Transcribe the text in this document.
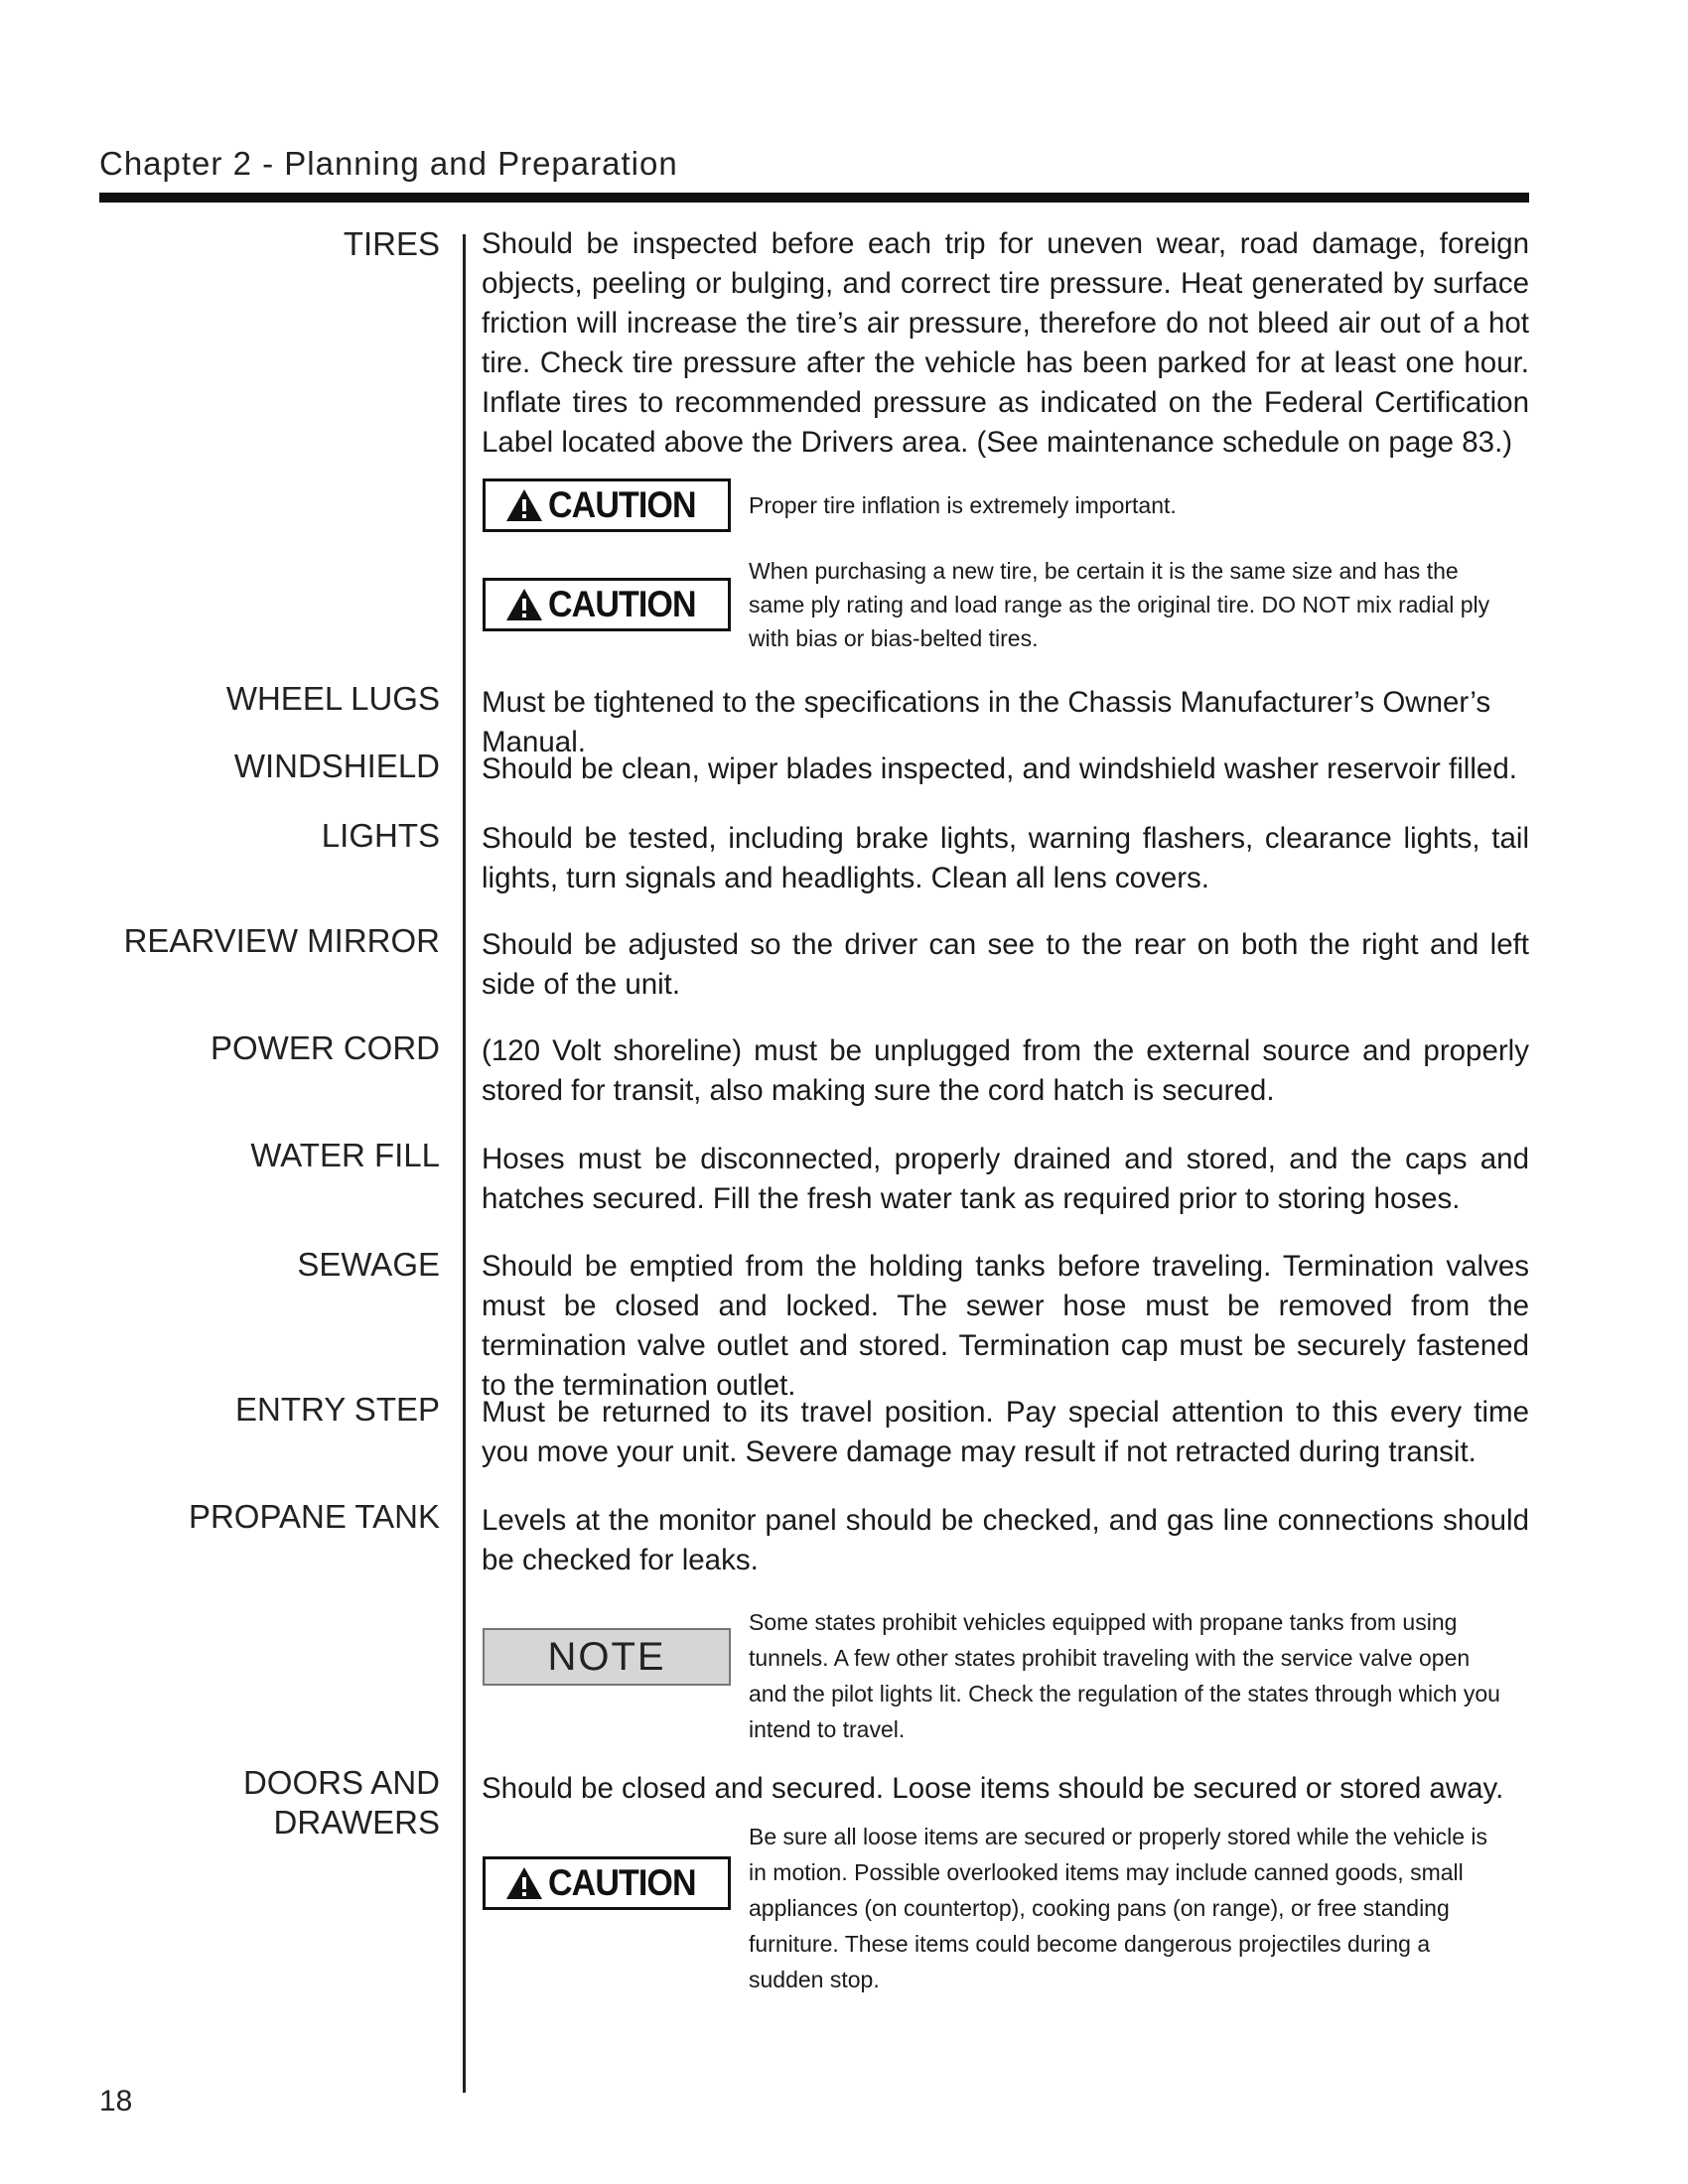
Chapter 2 - Planning and Preparation
TIRES Should be inspected before each trip for uneven wear, road damage, foreign objects, peeling or bulging, and correct tire pressure. Heat generated by surface friction will increase the tire’s air pressure, therefore do not bleed air out of a hot tire. Check tire pressure after the vehicle has been parked for at least one hour. Inflate tires to recommended pressure as indicated on the Federal Certification Label located above the Drivers area. (See maintenance schedule on page 83.)
CAUTION Proper tire inflation is extremely important.
CAUTION
When purchasing a new tire, be certain it is the same size and has the same ply rating and load range as the original tire. DO NOT mix radial ply with bias or bias-belted tires.
WHEEL LUGS Must be tightened to the specifications in the Chassis Manufacturer’s Owner’s Manual.
WINDSHIELD Should be clean, wiper blades inspected, and windshield washer reservoir filled.
LIGHTS Should be tested, including brake lights, warning flashers, clearance lights, tail lights, turn signals and headlights. Clean all lens covers.
REARVIEW MIRROR Should be adjusted so the driver can see to the rear on both the right and left side of the unit.
POWER CORD (120 Volt shoreline) must be unplugged from the external source and properly stored for transit, also making sure the cord hatch is secured.
WATER FILL Hoses must be disconnected, properly drained and stored, and the caps and hatches secured. Fill the fresh water tank as required prior to storing hoses.
SEWAGE Should be emptied from the holding tanks before traveling. Termination valves must be closed and locked. The sewer hose must be removed from the termination valve outlet and stored. Termination cap must be securely fastened to the termination outlet.
ENTRY STEP Must be returned to its travel position. Pay special attention to this every time you move your unit. Severe damage may result if not retracted during transit.
PROPANE TANK Levels at the monitor panel should be checked, and gas line connections should be checked for leaks.
NOTE
Some states prohibit vehicles equipped with propane tanks from using tunnels. A few other states prohibit traveling with the service valve open and the pilot lights lit. Check the regulation of the states through which you intend to travel.
DOORS AND
DRAWERS
Should be closed and secured. Loose items should be secured or stored away.
CAUTION
Be sure all loose items are secured or properly stored while the vehicle is in motion. Possible overlooked items may include canned goods, small appliances (on countertop), cooking pans (on range), or free standing furniture. These items could become dangerous projectiles during a sudden stop.
18
